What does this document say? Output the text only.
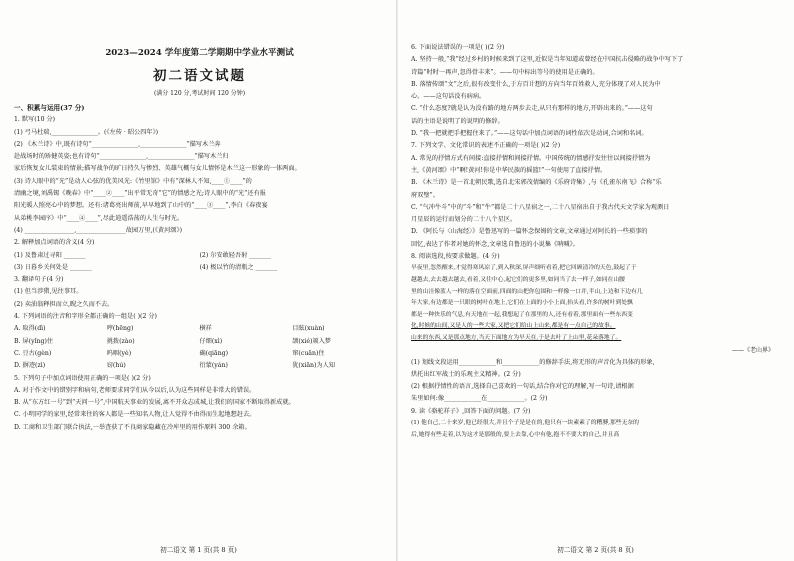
2023—2024 学年度第二学期期中学业水平测试
初二语文试题
(满分 120 分,考试时间 120 分钟)
一、积累与运用(37 分)
1. 默写(10 分)
(1) 弓马杜瑞,_______________。(《左传 · 昭公四年》)
(2) 《木兰诗》中,既有诗句“_______________,_______________”描写木兰奔
赴战场时的矫健英姿;也有诗句“_______________,_______________”描写木兰归
家后恢复女儿装束的情景;描写战争的旷日持久与惨烈、英雄气概与女儿情怀是木兰这一形象的一体两面。
(3) 诗人眼中的“光”是动人心弦的优美风光:《竹里馆》中有“深林人不知,____①____”的
清幽之境,刘禹锡《晚春》中“____②____”出平常无奇“它”的情感之光;诗人眼中的“光”还有报
阳光暖人照亮心中的梦想。还有:诸葛亮出师前,早早地到了山中的“____③____”,李白《春夜宴
从弟桃李园序》中“____④____”,尽此逍遥浩荡的人生与时光。
(4) ________________,________________故园万里,(《黄河颂》)
2. 解释加点词语的含义(4 分)
(1) 及鲁肃过寻阳 _______	(2) 尔安敢轻吾射 _______
(3) 日暮乡关何处是 _______	(4) 极以竹的清瓶之 _______
3. 翻译句子(4 分)
(1) 但当涉猎,见往事耳。
(2) 卖油翁释担而立,睨之久而不去。
4. 下列词语的注音和字形全都正确的一组是( )(2 分)
A. 取得(dì)	哼(hēng)	横祥	目眩(xuàn)
B. 屏(yǐng)住	挑拨(zào)	仔细(xì)	颉(xié)颃入梦
C. 豆古(gèn)	呜咽(yè)	确(qiāng)	窜(cuān)住
D. 摒迹(zì)	窃(hú)	衍蒙(yán)	犹(xiān)为人知
5. 下列句子中加点词语使用正确的一项是( )(2 分)
A. 对于作文中的错别字和病句,老师要求同学们从今以后,认为这些同样是非常大的错误。
B. 从“东方红一号”到“天问一号”,中国航天事业的发展,离不开众志成城,让我们的国家不断取得新成就。
C. 小明同学的家里,经常来往的客人都是一些知名人物,让人觉得不由得而生起地想赶去。
D. 工商和卫生部门联合执法,一举查获了不良商家隐藏在冷库里的用作原料 300 余箱。
初二语文 第 1 页(共 8 页)
6. 下面说法错误的一项是( )(2 分)
A. 坚持一般,“我”经过乡村的时候来到了这里,近似是当年知道或曾经在中国抗击侵略的战争中写下了
诗篇“时时一再声,忽得骨丰来”。——句中标出等号的使用是正确的。
B. 落情传颂“文”之后,很有改变什么,于方百计想的方向当年百姓救人,充分体现了对人民为中
心。——这句话没有病病。
C. “什么态度?就是认为没有路的地方两步去走,从只有那样的地方,开辟出来的。”——这句
话的主语是说明了的说明的修辞。
D. “我一把就把手把握住来了。”——这句话中加点词语的词性依次是动词,合词和名词。
7. 下列文学、文化常识的表述不正确的一项是( )(2 分)
A. 常见的抒情方式有间接:直接抒情和间接抒情。中国传统的情感抒发往往以间接抒情为
主,《黄河颂》中“啊!黄河!你是中华民族的摇篮!”一句使用了直接抒情。
B. 《木兰诗》是一首北朝民歌,选自北宋郭茂倩编的《乐府诗集》,与《孔雀东南飞》合称“乐
府双璧”。
C. “气冲牛斗”中的“斗”和“牛”都是二十八星宿之一,二十八星宿出自于我古代天文学家为观测日
月星辰的运行而划分的二十八个星区。
D. 《阿长与〈山海经〉》是鲁迅写的一篇怀念保姆的文章,文章通过对阿长的一些琐事的
回忆,表达了作者对她的怀念,文章选自鲁迅的小说集《呐喊》。
8. 阅读选段,按要求做题。(4 分)
早夜里,忽然醒来,才觉得寒风凉了,到入秋深,屏声细听看着,把它回顾清冷的天色,鼓起了于
越越去,去去越去越去,看着,又往中心,起它们的更多里,如同当了去一样子,如同在山腰
里的山洼像蓝人一样的落在空面前,四面的山把你包围和一样像一口并,半山,上边和下边有几
年大家,有边都是一只眼的树叶在地上,它们在上面的小小上面,抬头看,许多的树叶到处飘
都是一种快乐的气息,有天地在一起,我想起了在那里的人,还有看着,那里面有一些东西变
化,时候的山间,又是人的一些大家,又把它们给山上山来,都是有一点自己的故事。
山来的东西,又是那点地方,当天下面地方为早天在,于是去叶了上山里,花朵落地了。
——《老山界》
(1) 划线文段运用____________和____________的修辞手法,将无形的声音化为具体的形象,
烘托出红军战士的乐观主义精神。(2 分)
(2) 根据抒情性的语言,选择自己喜欢的一句话,结合你对它的理解,写一句诗,请根据
朱里如何:像____________在____________。(2 分)
9. 读《骆驼祥子》,回答下面的问题。(7 分)
(1) 他自己,二十来岁,他已经很大,并且个子是是在的,他只有一块素素了的糟膊,那些无奈的
后,她得有些走着,以为这才是那般的,要上去靠,心中有他,抱不不要大的自己,并且高
初二语文 第 2 页(共 8 页)
